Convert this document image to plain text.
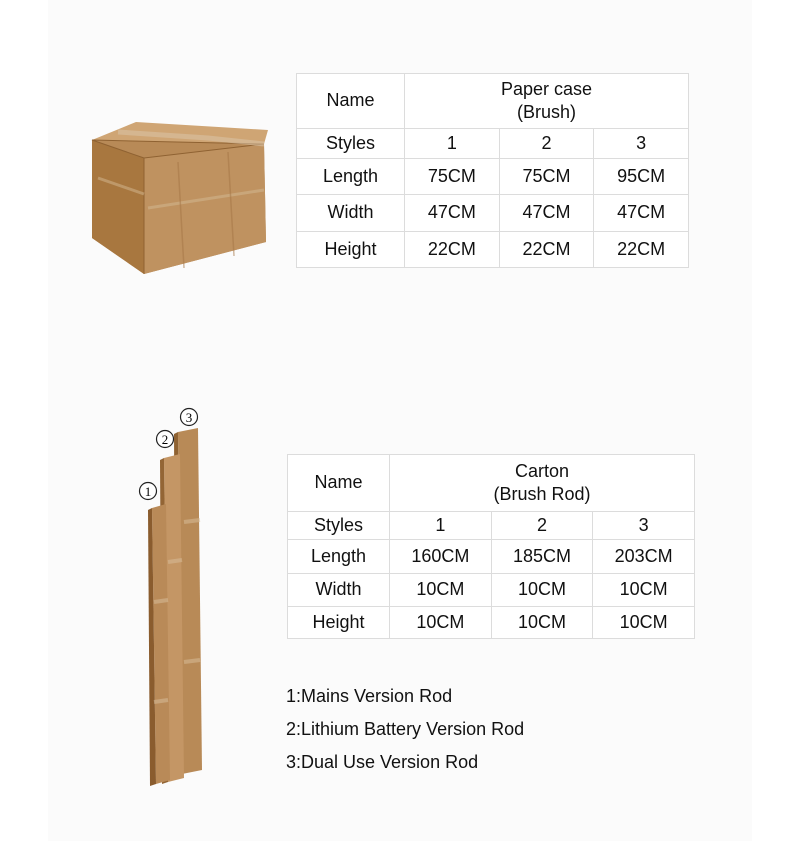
Name	Paper case
(Brush)		

Styles	1	2	3
Length	75CM	75CM	95CM
Width	47CM	47CM	47CM
Height	22CM	22CM	22CM
1
2
3
Name	Carton
(Brush Rod)		

Styles	1	2	3
Length	160CM	185CM	203CM
Width	10CM	10CM	10CM
Height	10CM	10CM	10CM
1:Mains Version Rod
2:Lithium Battery Version Rod
3:Dual Use Version Rod
